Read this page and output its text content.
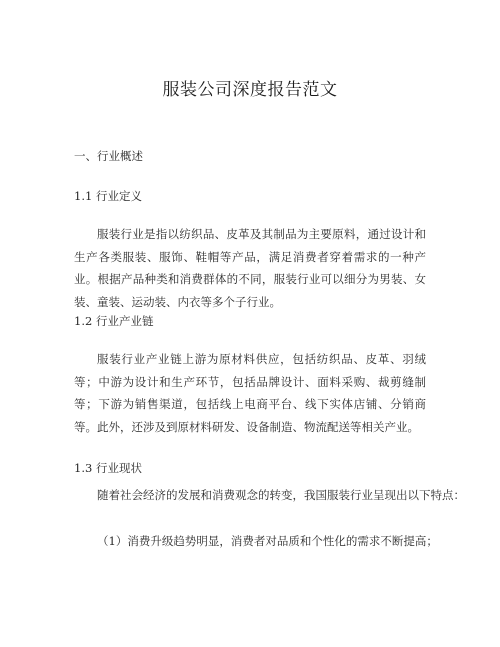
服装公司深度报告范文
一、行业概述
1.1 行业定义
服装行业是指以纺织品、皮革及其制品为主要原料，通过设计和生产各类服装、服饰、鞋帽等产品，满足消费者穿着需求的一种产业。根据产品种类和消费群体的不同，服装行业可以细分为男装、女装、童装、运动装、内衣等多个子行业。
1.2 行业产业链
服装行业产业链上游为原材料供应，包括纺织品、皮革、羽绒等；中游为设计和生产环节，包括品牌设计、面料采购、裁剪缝制等；下游为销售渠道，包括线上电商平台、线下实体店铺、分销商等。此外，还涉及到原材料研发、设备制造、物流配送等相关产业。
1.3 行业现状
随着社会经济的发展和消费观念的转变，我国服装行业呈现出以下特点：
（1）消费升级趋势明显，消费者对品质和个性化的需求不断提高；
